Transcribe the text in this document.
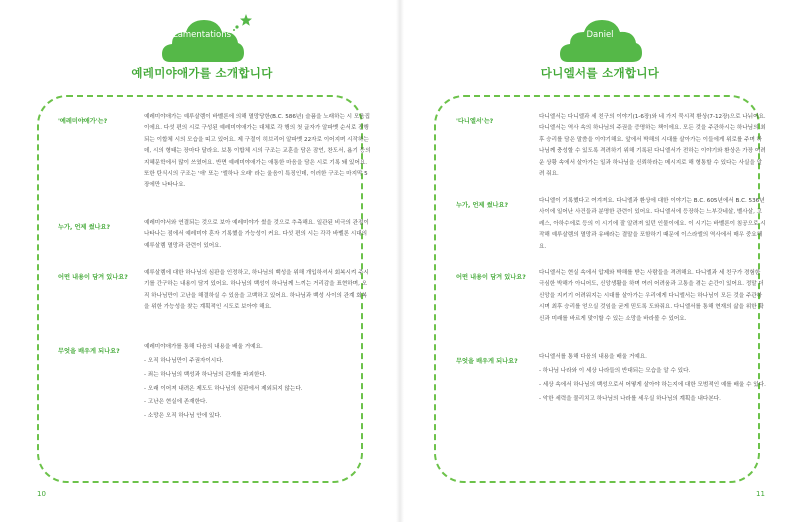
Lamentations
예레미야애가를 소개합니다
'예레미야애가'는?

예레미야애가는 예루살렘이 바벨론에 의해 멸망당한(B.C. 586년) 슬픔을 노래하는 시 모음집이에요. 다섯 편의 시로 구성된 예레미야애가는 대체로 각 행의 첫 글자가 알파벳 순서로 진행되는 이합체 시의 모습을 띠고 있어요. 제 구절이 히브리어 알파벳 22자로 이어지며 시작하는데, 시의 형태는 장마다 달라요. 보통 이합체 시의 구조는 교훈을 담은 잠언, 찬도서, 욥기 등의 지혜문학에서 많이 쓰였어요. 반면 예레미야애가는 애통한 마음을 담은 시로 기록 돼 있어요. 또한 탄식시의 구조는 '애' 또는 '엘하나 오래' 라는 울음이 특징인데, 이러한 구조는 마지막 5장에만 나타나요.

누가, 언제 썼나요?

예레미야서와 연결되는 것으로 보아 예레미야가 썼을 것으로 추측해요. 일관된 비극의 관점이 나타나는 점에서 예레미야 혼자 기록했을 가능성이 커요. 다섯 편의 시는 각각 바벨론 시대의 예루살렘 멸망과 관련이 있어요.

어떤 내용이 담겨 있나요?

예루살렘에 대한 하나님의 심판을 인정하고, 하나님의 백성을 위해 개입하셔서 회복시켜 주시기를 간구하는 내용이 담겨 있어요. 하나님의 백성이 하나님께 느끼는 거리감을 표현하며, 오직 하나님만이 고난을 해결하실 수 있음을 고백하고 있어요. 하나님과 백성 사이의 관계 회복을 위한 가능성을 찾는 계획적인 시도로 보아야 해요.

무엇을 배우게 되나요?

예레미야애가를 통해 다음의 내용을 배울 거예요.

- 오직 하나님만이 주권자이시다.
- 죄는 하나님의 백성과 하나님의 관계를 파괴한다.
- 오래 이어져 내려온 제도도 하나님의 심판에서 제외되지 않는다.
- 고난은 현실에 존재한다.
- 소망은 오직 하나님 안에 있다.
10
Daniel
다니엘서를 소개합니다
'다니엘서'는?

다니엘서는 다니엘과 세 친구의 이야기(1-6장)와 네 가지 묵시적 환상(7-12장)으로 나뉘어요. 다니엘서는 역사 속의 하나님의 주권을 증명하는 책이에요. 모든 것을 주관하시는 하나님의 최후 승리를 담은 말씀을 이야기해요. 앞에서 박해의 시대를 살아가는 이들에게 위로를 주며 하나님께 충성할 수 있도록 격려하기 위해 기록된 다니엘서가 전하는 이야기와 환상은 가장 어려운 상황 속에서 살아가는 일과 하나님을 신뢰하라는 메시지로 해 형통할 수 있다는 사실을 알려 줘요.

누가, 언제 썼나요?

다니엘이 기록했다고 여겨져요. 다니엘과 환상에 대한 이야기는 B.C. 605년에서 B.C. 536년 사이에 일어난 사건들과 분명한 관련이 있어요. 다니엘서에 등장하는 느부갓네살, 벨사살, 고레스, 아하수에로 등의 이 시기에 잘 알려져 있던 인물이에요. 이 시기는 바벨론이 침공으로 시작해 예루살렘의 멸망과 유배라는 결말을 포함하기 때문에 이스라엘의 역사에서 매우 중요해요.

어떤 내용이 담겨 있나요?

다니엘서는 현실 속에서 압제와 박해를 받는 사람들을 격려해요. 다니엘과 세 친구가 경험한 극심한 박해가 아니어도, 신앙생활을 하며 여러 어려움과 고통을 겪는 순간이 있어요. 정말 더 신앙을 지키기 어려워지는 시대를 살아가는 우리에게 다니엘서는 하나님이 모든 것을 주관하시며 최후 승리를 얻으실 것임을 굳게 믿도록 도와줘요. 다니엘서를 통해 현재의 삶을 위한 확신과 미래를 바르게 맞이할 수 있는 소망을 바라볼 수 있어요.

무엇을 배우게 되나요?

다니엘서를 통해 다음의 내용을 배울 거예요.

- 하나님 나라와 이 세상 나라들의 반대되는 모습을 알 수 있다.
- 세상 속에서 하나님의 백성으로서 어떻게 살아야 하는지에 대한 모범적인 예를 배울 수 있다.
- 악한 세력을 물리치고 하나님의 나라를 세우실 하나님의 계획을 내다본다.
11
